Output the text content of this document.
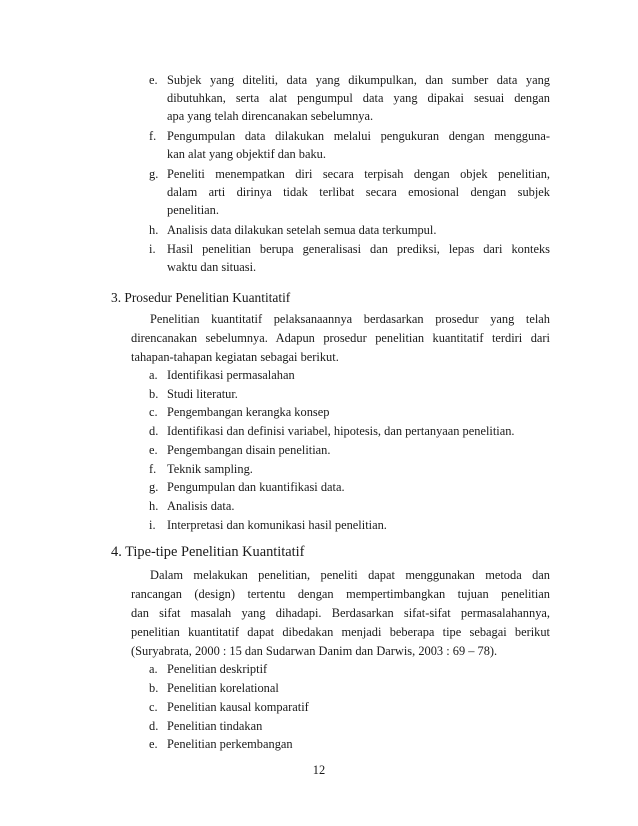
e. Subjek yang diteliti, data yang dikumpulkan, dan sumber data yang
dibutuhkan, serta alat pengumpul data yang dipakai sesuai dengan
apa yang telah direncanakan sebelumnya.
f. Pengumpulan data dilakukan melalui pengukuran dengan mengguna-
kan alat yang objektif dan baku.
g. Peneliti menempatkan diri secara terpisah dengan objek penelitian,
dalam arti dirinya tidak terlibat secara emosional dengan subjek
penelitian.
h. Analisis data dilakukan setelah semua data terkumpul.
i. Hasil penelitian berupa generalisasi dan prediksi, lepas dari konteks
waktu dan situasi.
3. Prosedur Penelitian Kuantitatif
Penelitian kuantitatif pelaksanaannya berdasarkan prosedur yang telah
direncanakan sebelumnya. Adapun prosedur penelitian kuantitatif terdiri dari
tahapan-tahapan kegiatan sebagai berikut.
a. Identifikasi permasalahan
b. Studi literatur.
c. Pengembangan kerangka konsep
d. Identifikasi dan definisi variabel, hipotesis, dan pertanyaan penelitian.
e. Pengembangan disain penelitian.
f. Teknik sampling.
g. Pengumpulan dan kuantifikasi data.
h. Analisis data.
i. Interpretasi dan komunikasi hasil penelitian.
4. Tipe-tipe Penelitian Kuantitatif
Dalam melakukan penelitian, peneliti dapat menggunakan metoda dan
rancangan (design) tertentu dengan mempertimbangkan tujuan penelitian
dan sifat masalah yang dihadapi. Berdasarkan sifat-sifat permasalahannya,
penelitian kuantitatif dapat dibedakan menjadi beberapa tipe sebagai berikut
(Suryabrata, 2000 : 15 dan Sudarwan Danim dan Darwis, 2003 : 69 – 78).
a. Penelitian deskriptif
b. Penelitian korelational
c. Penelitian kausal komparatif
d. Penelitian tindakan
e. Penelitian perkembangan
12
